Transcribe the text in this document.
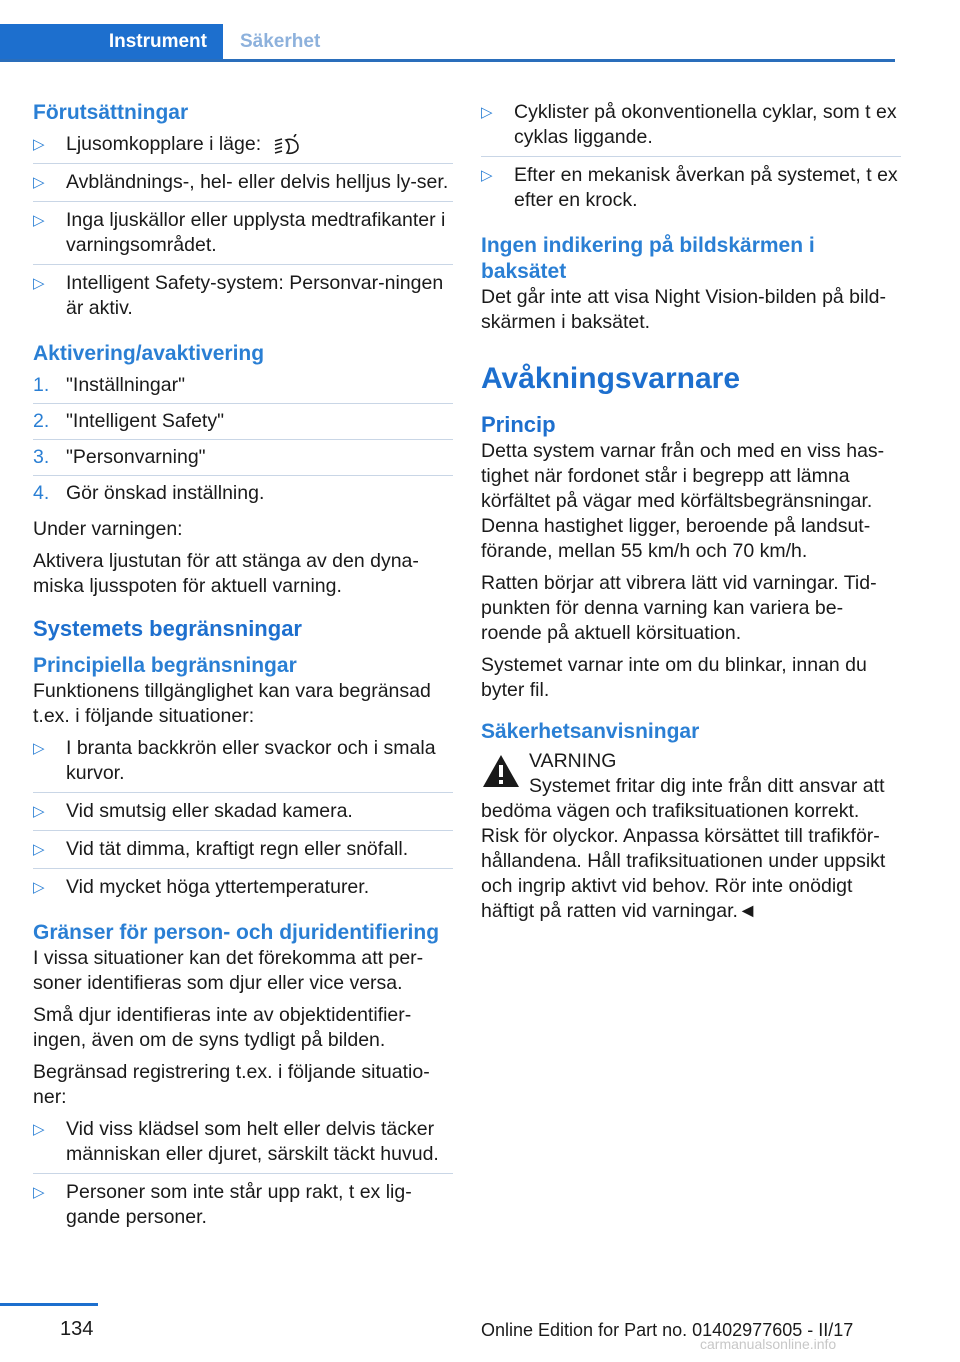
Instrument Säkerhet
Förutsättningar
▷ Ljusomkopplare i läge:
▷ Avbländnings-, hel- eller delvis helljus ly-ser.
▷ Inga ljuskällor eller upplysta medtrafikanter i varningsområdet.
▷ Intelligent Safety-system: Personvar-ningen är aktiv.
Aktivering/avaktivering
1. "Inställningar"
2. "Intelligent Safety"
3. "Personvarning"
4. Gör önskad inställning.

Under varningen:

Aktivera ljustutan för att stänga av den dyna-miska ljusspoten för aktuell varning.

Systemets begränsningar
Principiella begränsningar

Funktionens tillgänglighet kan vara begränsad t.ex. i följande situationer:

▷ I branta backkrön eller svackor och i smala kurvor.
▷ Vid smutsig eller skadad kamera.
▷ Vid tät dimma, kraftigt regn eller snöfall.
▷ Vid mycket höga yttertemperaturer.
Gränser för person- och djuridentifiering

I vissa situationer kan det förekomma att per-soner identifieras som djur eller vice versa.

Små djur identifieras inte av objektidentifier-ingen, även om de syns tydligt på bilden.

Begränsad registrering t.ex. i följande situatio-ner:

▷ Vid viss klädsel som helt eller delvis täcker människan eller djuret, särskilt täckt huvud.
▷ Personer som inte står upp rakt, t ex lig-gande personer.
▷ Cyklister på okonventionella cyklar, som t ex cyklas liggande.
▷ Efter en mekanisk åverkan på systemet, t ex efter en krock.
Ingen indikering på bildskärmen i baksätet

Det går inte att visa Night Vision-bilden på bild-skärmen i baksätet.

Avåkningsvarnare
Princip

Detta system varnar från och med en viss has-tighet när fordonet står i begrepp att lämna körfältet på vägar med körfältsbegränsningar. Denna hastighet ligger, beroende på landsut-förande, mellan 55 km/h och 70 km/h.

Ratten börjar att vibrera lätt vid varningar. Tid-punkten för denna varning kan variera be-roende på aktuell körsituation.

Systemet varnar inte om du blinkar, innan du byter fil.

Säkerhetsanvisningar
VARNING
Systemet fritar dig inte från ditt ansvar att
bedöma vägen och trafiksituationen korrekt. Risk för olyckor. Anpassa körsättet till trafikför-hållandena. Håll trafiksituationen under uppsikt och ingrip aktivt vid behov. Rör inte onödigt häftigt på ratten vid varningar.◄
134	Online Edition for Part no. 01402977605 - II/17
carmanualsonline.info
